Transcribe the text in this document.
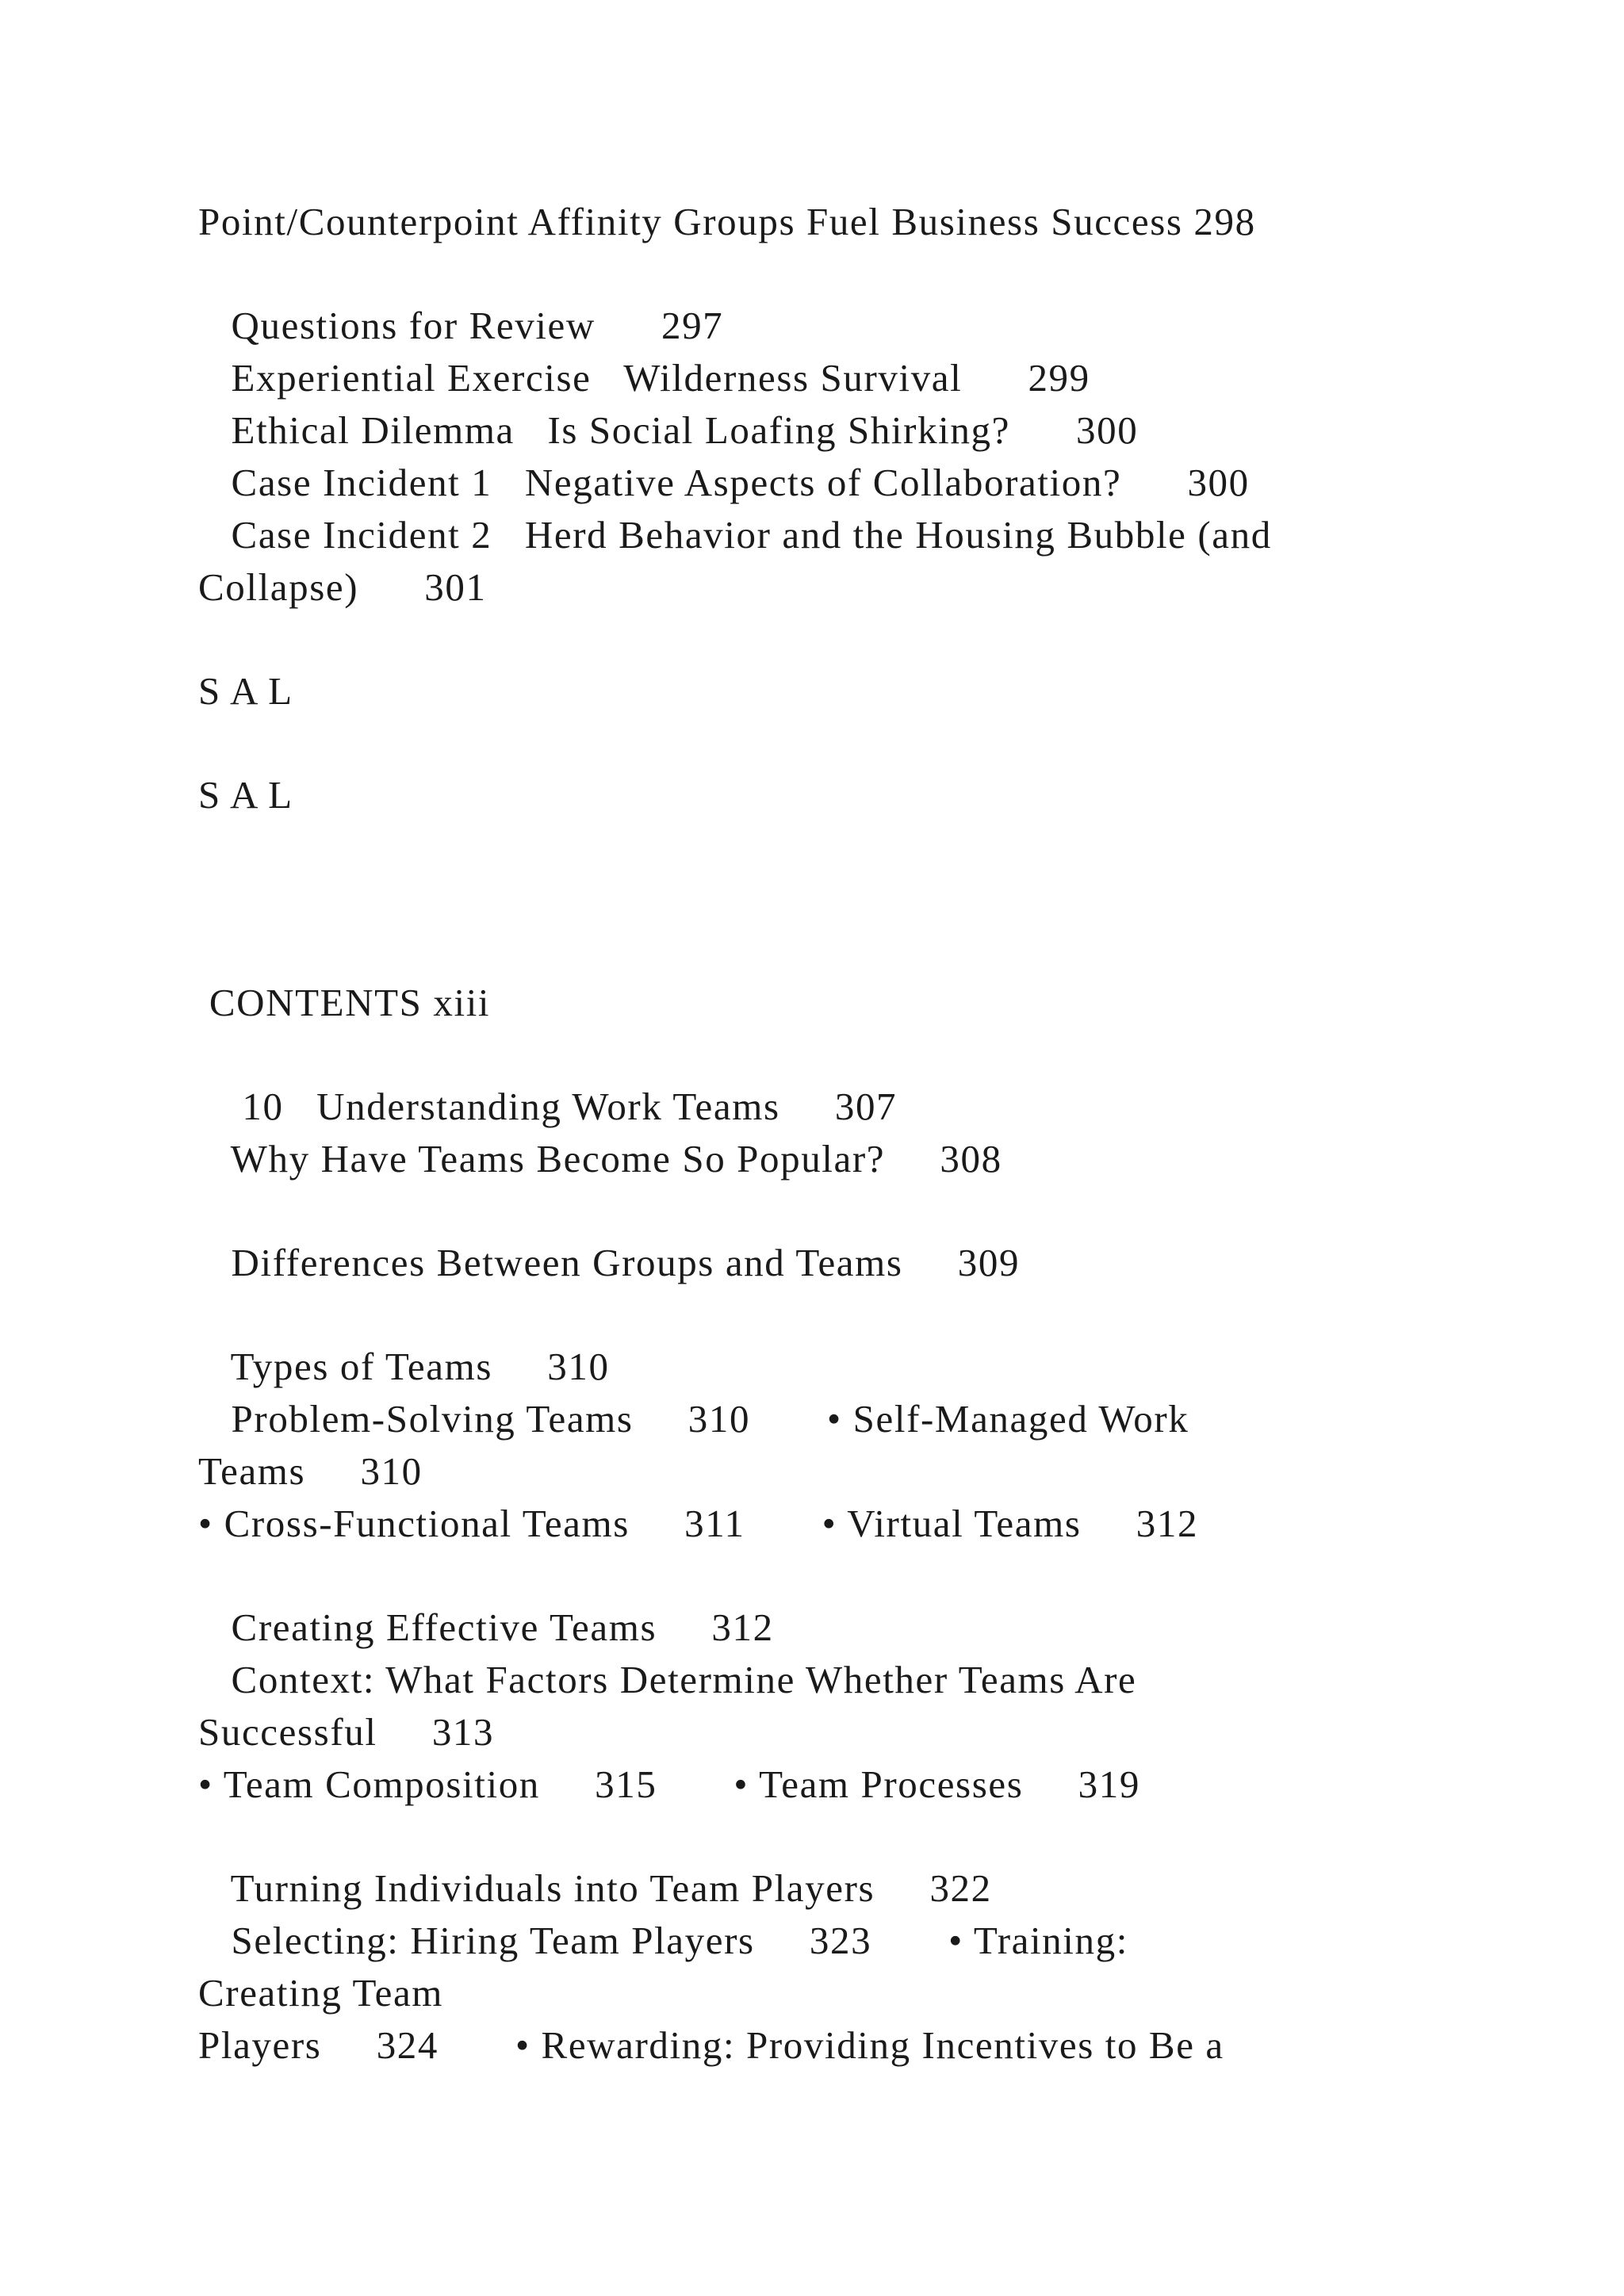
Point/Counterpoint Affinity Groups Fuel Business Success 298

Questions for Review      297

Experiential Exercise   Wilderness Survival      299

Ethical Dilemma   Is Social Loafing Shirking?      300

Case Incident 1   Negative Aspects of Collaboration?      300

Case Incident 2   Herd Behavior and the Housing Bubble (and

Collapse)      301

S A L

S A L

CONTENTS xiii

10   Understanding Work Teams     307

Why Have Teams Become So Popular?     308

Differences Between Groups and Teams     309

Types of Teams     310

Problem-Solving Teams     310       • Self-Managed Work

Teams     310

• Cross-Functional Teams     311       • Virtual Teams     312

Creating Effective Teams     312

Context: What Factors Determine Whether Teams Are

Successful     313

• Team Composition     315       • Team Processes     319

Turning Individuals into Team Players     322

Selecting: Hiring Team Players     323       • Training:

Creating Team

Players     324       • Rewarding: Providing Incentives to Be a
